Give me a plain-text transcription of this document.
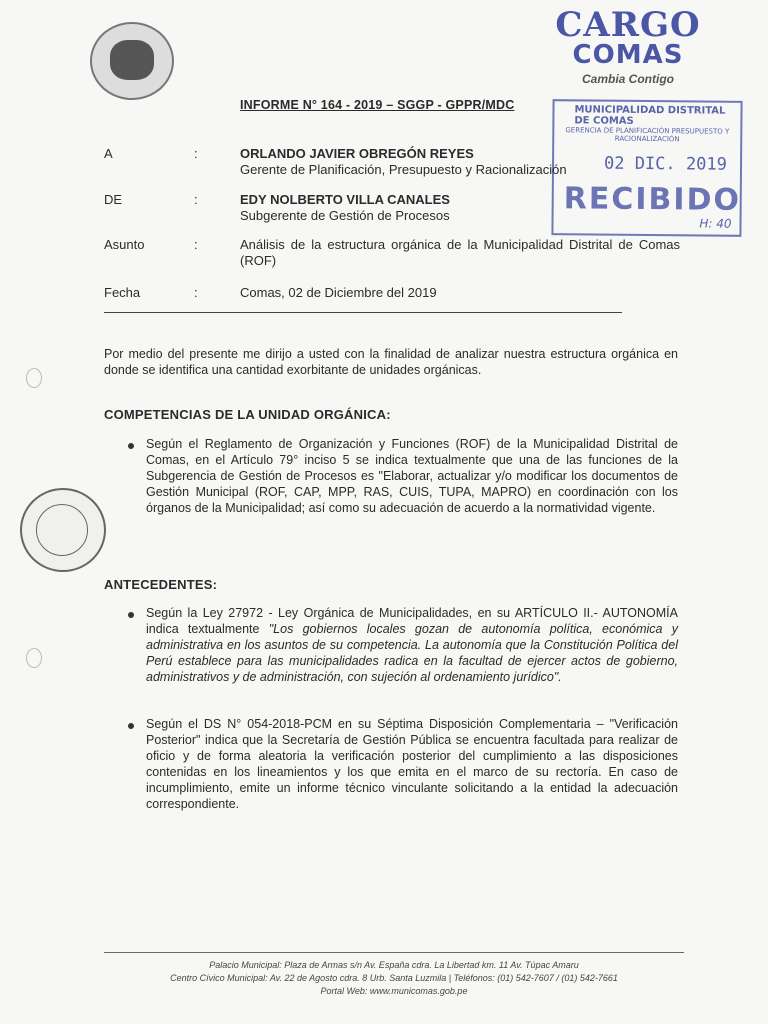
CARGO
COMAS
Cambia Contigo
MUNICIPALIDAD DISTRITAL DE COMAS
GERENCIA DE PLANIFICACIÓN PRESUPUESTO Y RACIONALIZACIÓN
02 DIC. 2019
RECIBIDO
H: 40
INFORME N° 164 - 2019 – SGGP - GPPR/MDC
A	:	ORLANDO JAVIER OBREGÓN REYES
Gerente de Planificación, Presupuesto y Racionalización
DE	:	EDY NOLBERTO VILLA CANALES
Subgerente de Gestión de Procesos
Asunto	:	Análisis de la estructura orgánica de la Municipalidad Distrital de Comas (ROF)
Fecha	:	Comas, 02 de Diciembre del 2019
Por medio del presente me dirijo a usted con la finalidad de analizar nuestra estructura orgánica en donde se identifica una cantidad exorbitante de unidades orgánicas.
COMPETENCIAS DE LA UNIDAD ORGÁNICA:
Según el Reglamento de Organización y Funciones (ROF) de la Municipalidad Distrital de Comas, en el Artículo 79° inciso 5 se indica textualmente que una de las funciones de la Subgerencia de Gestión de Procesos es "Elaborar, actualizar y/o modificar los documentos de Gestión Municipal (ROF, CAP, MPP, RAS, CUIS, TUPA, MAPRO) en coordinación con los órganos de la Municipalidad; así como su adecuación de acuerdo a la normatividad vigente.
ANTECEDENTES:
Según la Ley 27972 - Ley Orgánica de Municipalidades, en su ARTÍCULO II.- AUTONOMÍA indica textualmente "Los gobiernos locales gozan de autonomía política, económica y administrativa en los asuntos de su competencia. La autonomía que la Constitución Política del Perú establece para las municipalidades radica en la facultad de ejercer actos de gobierno, administrativos y de administración, con sujeción al ordenamiento jurídico".
Según el DS N° 054-2018-PCM en su Séptima Disposición Complementaria – "Verificación Posterior" indica que la Secretaría de Gestión Pública se encuentra facultada para realizar de oficio y de forma aleatoria la verificación posterior del cumplimiento a las disposiciones contenidas en los lineamientos y los que emita en el marco de su rectoría. En caso de incumplimiento, emite un informe técnico vinculante solicitando a la entidad la adecuación correspondiente.
Palacio Municipal: Plaza de Armas s/n Av. España cdra. La Libertad km. 11 Av. Túpac Amaru
Centro Cívico Municipal: Av. 22 de Agosto cdra. 8 Urb. Santa Luzmila | Teléfonos: (01) 542-7607 / (01) 542-7661
Portal Web: www.municomas.gob.pe
